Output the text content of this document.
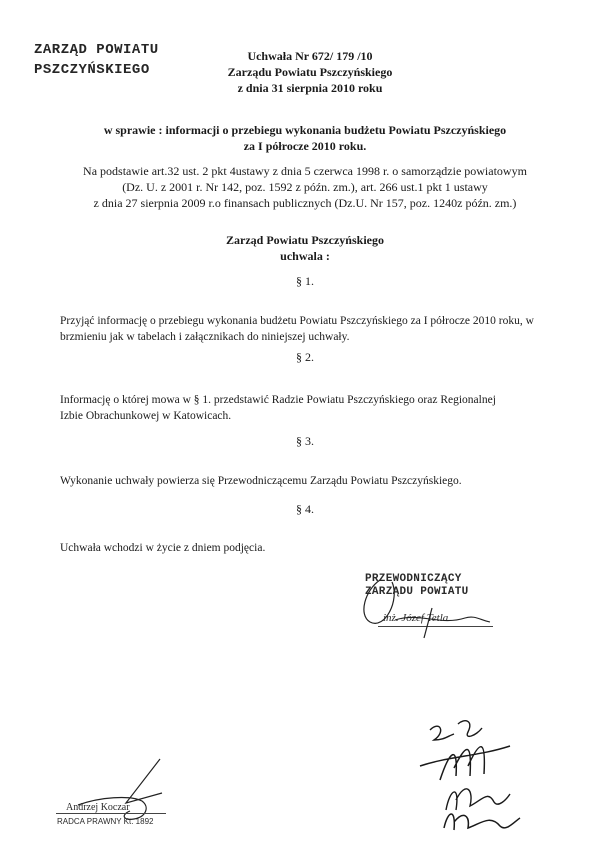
ZARZĄD POWIATU
PSZCZYŃSKIEGO
Uchwała Nr 672/ 179 /10
Zarządu Powiatu Pszczyńskiego
z dnia 31 sierpnia 2010 roku
w sprawie : informacji o przebiegu wykonania budżetu Powiatu Pszczyńskiego
za I półrocze 2010 roku.
Na podstawie art.32 ust. 2 pkt 4ustawy z dnia 5 czerwca 1998 r. o samorządzie powiatowym
(Dz. U. z 2001 r. Nr 142, poz. 1592 z późn. zm.), art. 266 ust.1 pkt 1 ustawy
z dnia 27 sierpnia 2009 r.o finansach publicznych (Dz.U. Nr 157, poz. 1240z późn. zm.)
Zarząd Powiatu Pszczyńskiego
uchwala :
§ 1.
Przyjąć informację o przebiegu wykonania budżetu Powiatu Pszczyńskiego za I półrocze 2010 roku, w
brzmieniu jak w tabelach i załącznikach do niniejszej uchwały.
§ 2.
Informację o której mowa w § 1. przedstawić Radzie Powiatu Pszczyńskiego oraz Regionalnej
Izbie Obrachunkowej w Katowicach.
§ 3.
Wykonanie uchwały powierza się Przewodniczącemu Zarządu Powiatu Pszczyńskiego.
§ 4.
Uchwała wchodzi w życie z dniem podjęcia.
PRZEWODNICZĄCY
ZARZĄDU POWIATU
inż. Józef Tetla
Andrzej Koczar
RADCA PRAWNY Kt. 1892
